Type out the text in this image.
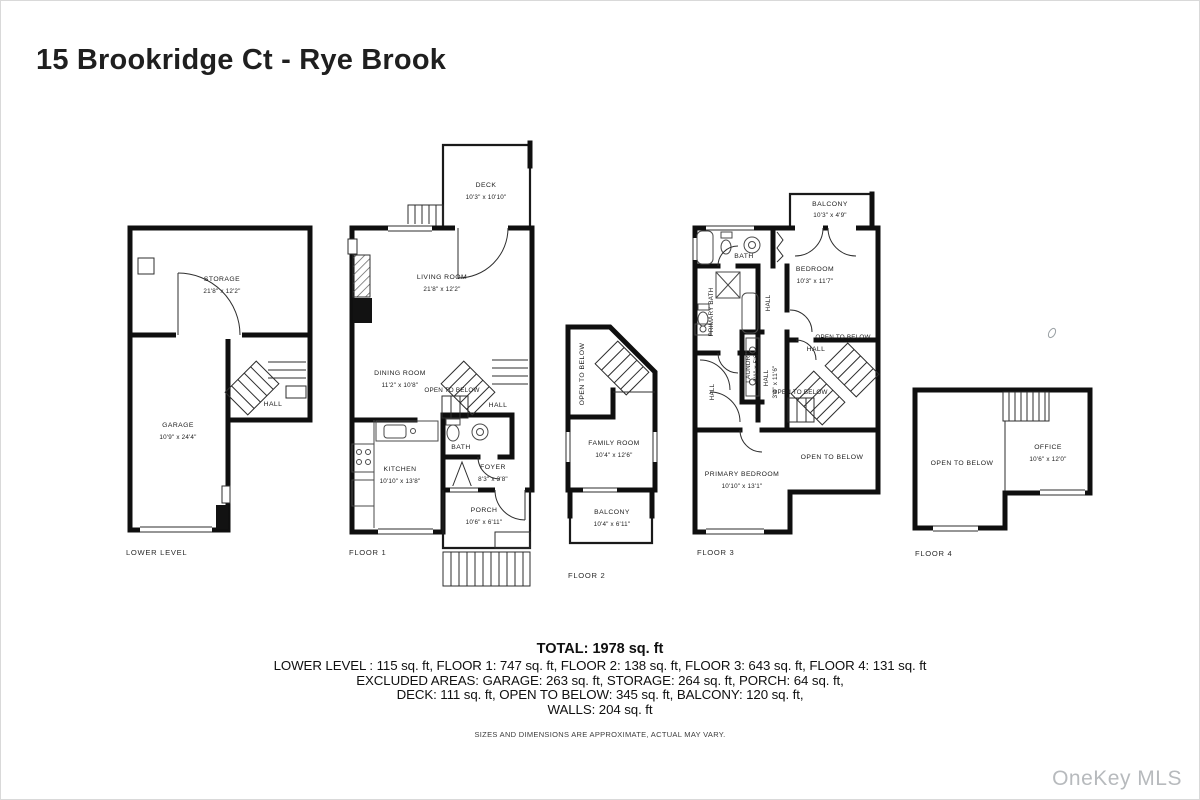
15 Brookridge Ct - Rye Brook
STORAGE
21'8" x 12'2"
HALL
GARAGE
10'9" x 24'4"
LOWER LEVEL
DECK
10'3" x 10'10"
LIVING ROOM
21'8" x 12'2"
DINING ROOM
11'2" x 10'8"
OPEN TO BELOW
HALL
BATH
KITCHEN
10'10" x 13'8"
FOYER
8'3" x 3'8"
PORCH
10'6" x 6'11"
FLOOR 1
OPEN TO BELOW
FAMILY ROOM
10'4" x 12'6"
BALCONY
10'4" x 6'11"
FLOOR 2
BALCONY
10'3" x 4'9"
BATH
BEDROOM
10'3" x 11'7"
PRIMARY BATH	HALL
LAUNDRY 2'1" x 5'6" HALL 3'4" x 11'6"
HALL
HALL
OPEN TO BELOW
OPEN TO BELOW
OPEN TO BELOW
PRIMARY BEDROOM
10'10" x 13'1"
FLOOR 3
OPEN TO BELOW
OFFICE
10'6" x 12'0"
FLOOR 4
TOTAL: 1978 sq. ft
LOWER LEVEL : 115 sq. ft, FLOOR 1: 747 sq. ft, FLOOR 2: 138 sq. ft, FLOOR 3: 643 sq. ft, FLOOR 4: 131 sq. ft
EXCLUDED AREAS: GARAGE: 263 sq. ft, STORAGE: 264 sq. ft, PORCH: 64 sq. ft,
DECK: 111 sq. ft, OPEN TO BELOW: 345 sq. ft, BALCONY: 120 sq. ft,
WALLS: 204 sq. ft
SIZES AND DIMENSIONS ARE APPROXIMATE, ACTUAL MAY VARY.
OneKey MLS
